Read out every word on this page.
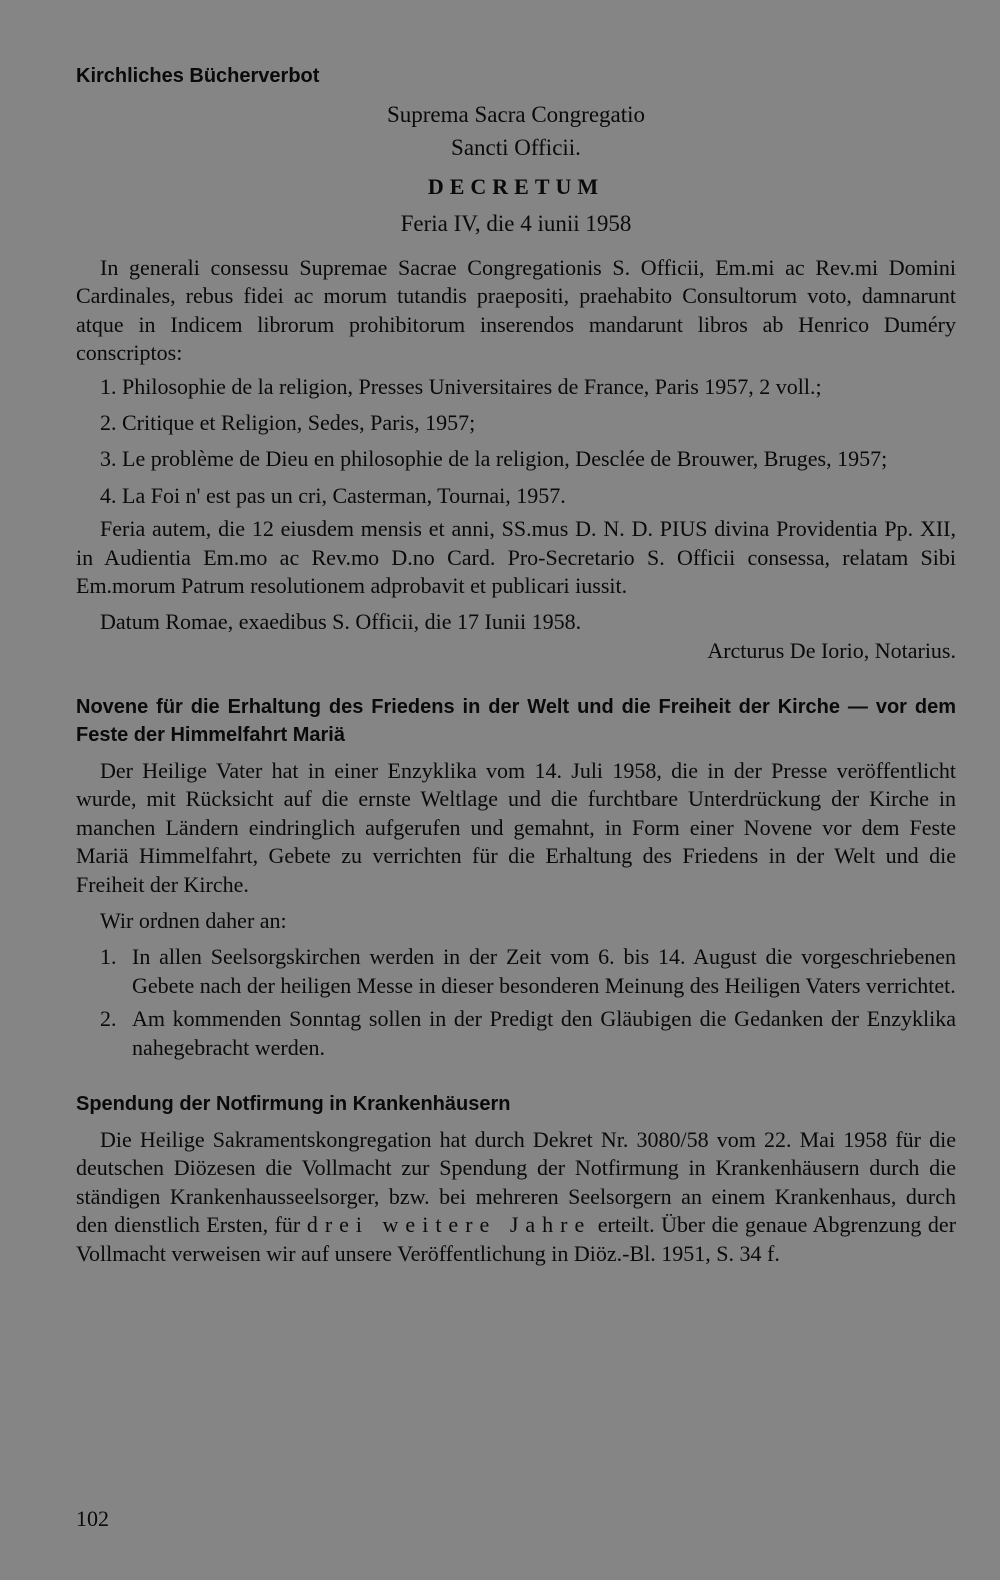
Kirchliches Bücherverbot

Suprema Sacra Congregatio

Sancti Officii.

DECRETUM

Feria IV, die 4 iunii 1958

In generali consessu Supremae Sacrae Congregationis S. Officii, Em.mi ac Rev.mi Domini Cardinales, rebus fidei ac morum tutandis praepositi, praehabito Consultorum voto, damnarunt atque in Indicem librorum prohibitorum inserendos mandarunt libros ab Henrico Duméry conscriptos:

1. Philosophie de la religion, Presses Universitaires de France, Paris 1957, 2 voll.;

2. Critique et Religion, Sedes, Paris, 1957;

3. Le problème de Dieu en philosophie de la religion, Desclée de Brouwer, Bruges, 1957;

4. La Foi n' est pas un cri, Casterman, Tournai, 1957.

Feria autem, die 12 eiusdem mensis et anni, SS.mus D. N. D. PIUS divina Providentia Pp. XII, in Audientia Em.mo ac Rev.mo D.no Card. Pro-Secretario S. Officii consessa, relatam Sibi Em.morum Patrum resolutionem adprobavit et publicari iussit.

Datum Romae, exaedibus S. Officii, die 17 Iunii 1958.

Arcturus De Iorio, Notarius.

Novene für die Erhaltung des Friedens in der Welt und die Freiheit der Kirche — vor dem Feste der Himmelfahrt Mariä

Der Heilige Vater hat in einer Enzyklika vom 14. Juli 1958, die in der Presse veröffentlicht wurde, mit Rücksicht auf die ernste Weltlage und die furchtbare Unterdrückung der Kirche in manchen Ländern eindringlich aufgerufen und gemahnt, in Form einer Novene vor dem Feste Mariä Himmelfahrt, Gebete zu verrichten für die Erhaltung des Friedens in der Welt und die Freiheit der Kirche.

Wir ordnen daher an:

1. In allen Seelsorgskirchen werden in der Zeit vom 6. bis 14. August die vorgeschriebenen Gebete nach der heiligen Messe in dieser besonderen Meinung des Heiligen Vaters verrichtet.
2. Am kommenden Sonntag sollen in der Predigt den Gläubigen die Gedanken der Enzyklika nahegebracht werden.
Spendung der Notfirmung in Krankenhäusern

Die Heilige Sakramentskongregation hat durch Dekret Nr. 3080/58 vom 22. Mai 1958 für die deutschen Diözesen die Vollmacht zur Spendung der Notfirmung in Krankenhäusern durch die ständigen Krankenhausseelsorger, bzw. bei mehreren Seelsorgern an einem Krankenhaus, durch den dienstlich Ersten, für drei weitere Jahre erteilt. Über die genaue Abgrenzung der Vollmacht verweisen wir auf unsere Veröffentlichung in Diöz.-Bl. 1951, S. 34 f.

102
